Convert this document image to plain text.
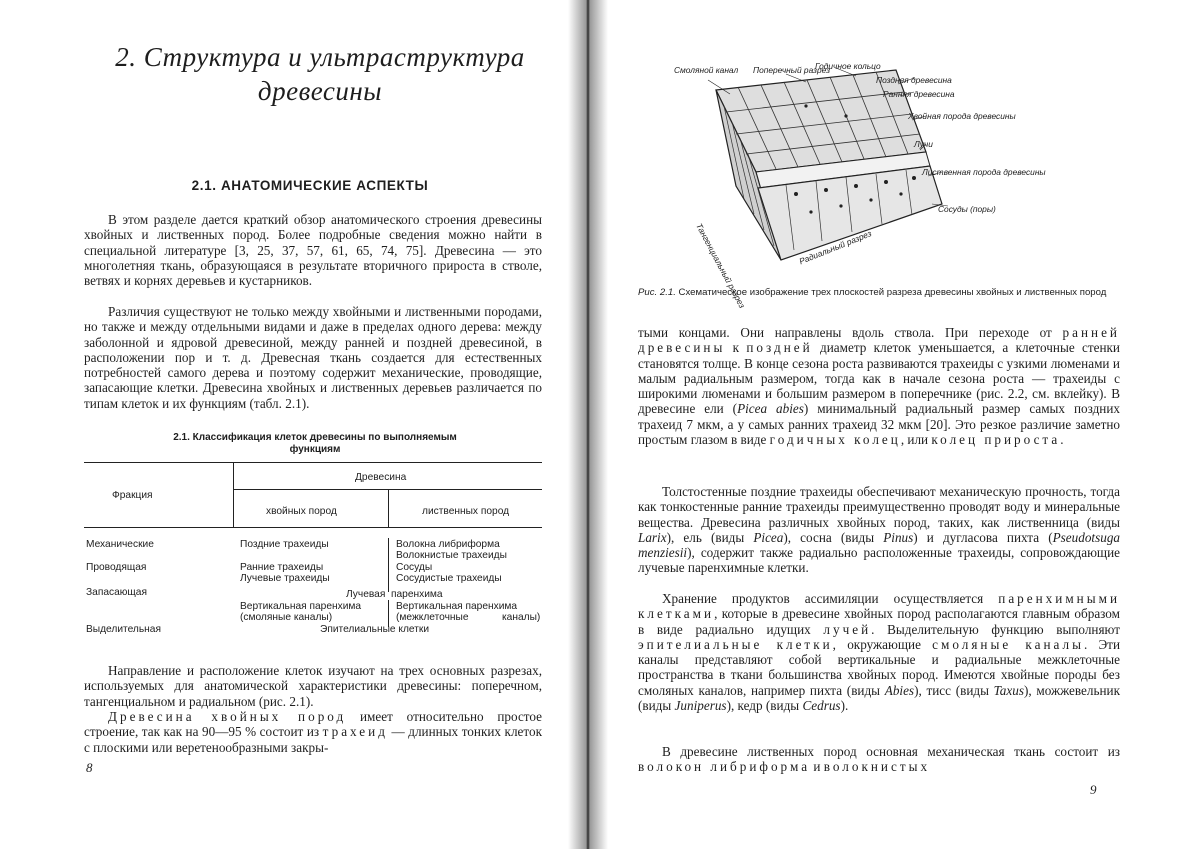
2. Структура и ультраструктура
древесины
2.1. АНАТОМИЧЕСКИЕ АСПЕКТЫ

В этом разделе дается краткий обзор анатомического строения древесины хвойных и лиственных пород. Более подробные сведения можно найти в специальной литературе [3, 25, 37, 57, 61, 65, 74, 75]. Древесина — это многолетняя ткань, образующаяся в результате вторичного прироста в стволе, ветвях и корнях деревьев и кустарников.

Различия существуют не только между хвойными и лиственными породами, но также и между отдельными видами и даже в пределах одного дерева: между заболонной и ядровой древесиной, между ранней и поздней древесиной, в расположении пор и т. д. Древесная ткань создается для естественных потребностей самого дерева и поэтому содержит механические, проводящие, запасающие клетки. Древесина хвойных и лиственных деревьев различается по типам клеток и их функциям (табл. 2.1).

2.1. Классификация клеток древесины по выполняемым функциям
Фракция
Древесина
хвойных пород	лиственных пород
Механические	Поздние трахеиды	Волокна либриформа
Волокнистые трахеиды
Проводящая	Ранние трахеиды
Лучевые трахеиды
Сосуды
Сосудистые трахеиды
Запасающая	Лучевая паренхима
Вертикальная паренхима
(смоляные каналы)
Вертикальная паренхима
(межклеточные	каналы)
Выделительная	Эпителиальные клетки

Направление и расположение клеток изучают на трех основных разрезах, используемых для анатомической характеристики древесины: поперечном, тангенциальном и радиальном (рис. 2.1).

Древесина хвойных пород имеет относительно простое строение, так как на 90—95 % состоит из трахеид — длинных тонких клеток с плоскими или веретенообразными закры-

8
Смоляной канал Поперечный разрез
Годичное кольцо
Поздняя древесина
Ранняя древесина
Хвойная порода древесины
Лучи
Лиственная порода древесины
Сосуды (поры)
Тангенциальный разрез	Радиальный разрез
Рис. 2.1. Схематическое изображение трех плоскостей разреза древесины хвойных и лиственных пород

тыми концами. Они направлены вдоль ствола. При переходе от ранней древесины к поздней диаметр клеток уменьшается, а клеточные стенки становятся толще. В конце сезона роста развиваются трахеиды с узкими люменами и малым радиальным размером, тогда как в начале сезона роста — трахеиды с широкими люменами и большим размером в поперечнике (рис. 2.2, см. вклейку). В древесине ели (Picea abies) минимальный радиальный размер самых поздних трахеид 7 мкм, а у самых ранних трахеид 32 мкм [20]. Это резкое различие заметно простым глазом в виде годичных колец, или колец прироста.

Толстостенные поздние трахеиды обеспечивают механическую прочность, тогда как тонкостенные ранние трахеиды преимущественно проводят воду и минеральные вещества. Древесина различных хвойных пород, таких, как лиственница (виды Larix), ель (виды Picea), сосна (виды Pinus) и дугласова пихта (Pseudotsuga menziesii), содержит также радиально расположенные трахеиды, сопровождающие лучевые паренхимные клетки.

Хранение продуктов ассимиляции осуществляется паренхимными клетками, которые в древесине хвойных пород располагаются главным образом в виде радиально идущих лучей. Выделительную функцию выполняют эпителиальные клетки, окружающие смоляные каналы. Эти каналы представляют собой вертикальные и радиальные межклеточные пространства в ткани большинства хвойных пород. Имеются хвойные породы без смоляных каналов, например пихта (виды Abies), тисс (виды Taxus), можжевельник (виды Juniperus), кедр (виды Cedrus).

В древесине лиственных пород основная механическая ткань состоит из волокон либриформа и волокнистых

9
